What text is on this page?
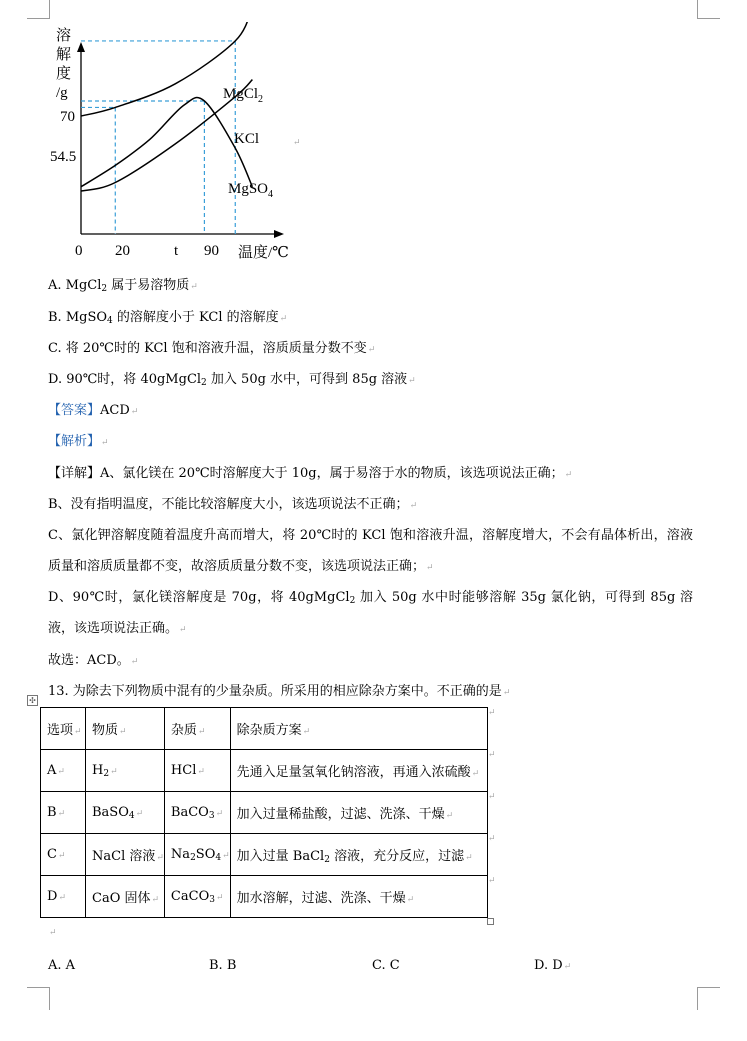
溶
解
度
/g
70
54.5
0 20	t 90 温度/℃
MgCl$_2$
KCl
MgSO$_4$
↵
A. MgCl$_2$ 属于易溶物质↵
B. MgSO$_4$ 的溶解度小于 KCl 的溶解度↵
C. 将 20℃时的 KCl 饱和溶液升温，溶质质量分数不变↵
D. 90℃时，将 40gMgCl$_2$ 加入 50g 水中，可得到 85g 溶液↵
【答案】ACD↵
【解析】↵
【详解】A、氯化镁在 20℃时溶解度大于 10g，属于易溶于水的物质，该选项说法正确；↵
B、没有指明温度，不能比较溶解度大小，该选项说法不正确；↵
C、氯化钾溶解度随着温度升高而增大，将 20℃时的 KCl 饱和溶液升温，溶解度增大，不会有晶体析出，溶液质量和溶质质量都不变，故溶质质量分数不变，该选项说法正确；↵
D、90℃时，氯化镁溶解度是 70g，将 40gMgCl$_2$ 加入 50g 水中时能够溶解 35g 氯化钠，可得到 85g 溶液，该选项说法正确。↵
故选：ACD。↵
13. 为除去下列物质中混有的少量杂质。所采用的相应除杂方案中。不正确的是↵
✣
选项↵	物质↵	杂质↵	除杂质方案↵
A↵	$H_2↵$	HCl↵	先通入足量氢氧化钠溶液，再通入浓硫酸↵
B↵	BaSO$_4$↵	BaCO$_3$↵	加入过量稀盐酸，过滤、洗涤、干燥↵
C↵	NaCl 溶液↵	$Na_2SO_4↵$	加入过量 BaCl$_2$ 溶液，充分反应，过滤↵
D↵	CaO 固体↵	CaCO$_3$↵	加水溶解，过滤、洗涤、干燥↵
↵
↵
↵
↵
↵
↵
A. A	B. B	C. C	D. D↵
